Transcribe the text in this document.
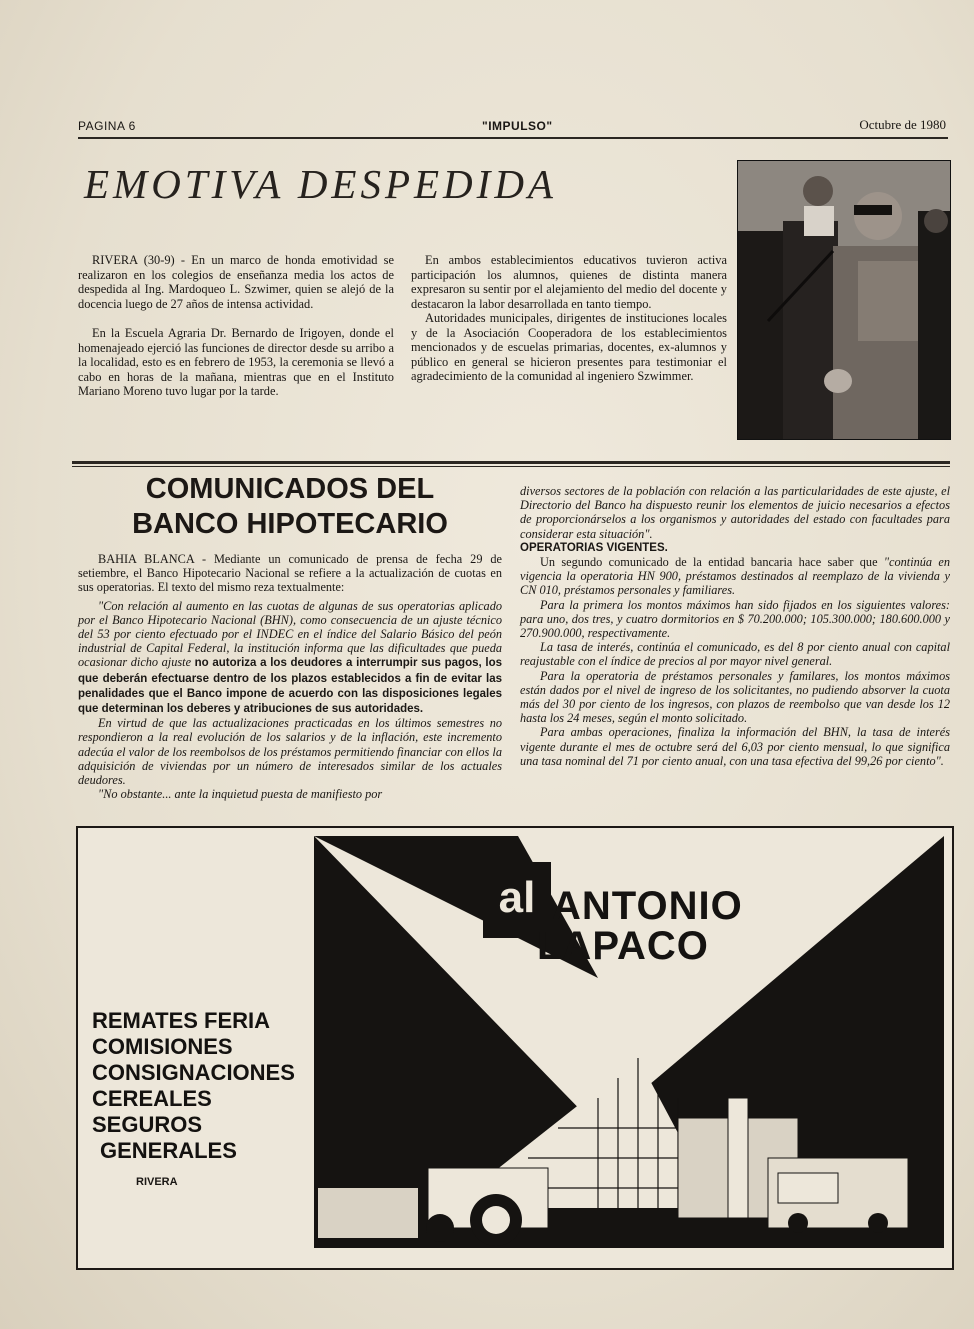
PAGINA 6	"IMPULSO"	Octubre de 1980
EMOTIVA DESPEDIDA

RIVERA (30-9) - En un marco de honda emotividad se realizaron en los colegios de enseñanza media los actos de despedida al Ing. Mardoqueo L. Szwimer, quien se alejó de la docencia luego de 27 años de intensa actividad.

En la Escuela Agraria Dr. Bernardo de Irigoyen, donde el homenajeado ejerció las funciones de director desde su arribo a la localidad, esto es en febrero de 1953, la ceremonia se llevó a cabo en horas de la mañana, mientras que en el Instituto Mariano Moreno tuvo lugar por la tarde.

En ambos establecimientos educativos tuvieron activa participación los alumnos, quienes de distinta manera expresaron su sentir por el alejamiento del medio del docente y destacaron la labor desarrollada en tanto tiempo.

Autoridades municipales, dirigentes de instituciones locales y de la Asociación Cooperadora de los establecimientos mencionados y de escuelas primarias, docentes, ex-alumnos y público en general se hicieron presentes para testimoniar el agradecimiento de la comunidad al ingeniero Szwimmer.

COMUNICADOS DEL
BANCO HIPOTECARIO

BAHIA BLANCA - Mediante un comunicado de prensa de fecha 29 de setiembre, el Banco Hipotecario Nacional se refiere a la actualización de cuotas en sus operatorias. El texto del mismo reza textualmente:

"Con relación al aumento en las cuotas de algunas de sus operatorias aplicado por el Banco Hipotecario Nacional (BHN), como consecuencia de un ajuste técnico del 53 por ciento efectuado por el INDEC en el índice del Salario Básico del peón industrial de Capital Federal, la institución informa que las dificultades que pueda ocasionar dicho ajuste no autoriza a los deudores a interrumpir sus pagos, los que deberán efectuarse dentro de los plazos establecidos a fin de evitar las penalidades que el Banco impone de acuerdo con las disposiciones legales que determinan los deberes y atribuciones de sus autoridades.

En virtud de que las actualizaciones practicadas en los últimos semestres no respondieron a la real evolución de los salarios y de la inflación, este incremento adecúa el valor de los reembolsos de los préstamos permitiendo financiar con ellos la adquisición de viviendas por un número de interesados similar de los actuales deudores.

"No obstante... ante la inquietud puesta de manifiesto por

diversos sectores de la población con relación a las particularidades de este ajuste, el Directorio del Banco ha dispuesto reunir los elementos de juicio necesarios a efectos de proporcionárselos a los organismos y autoridades del estado con facultades para considerar esta situación".

OPERATORIAS VIGENTES.

Un segundo comunicado de la entidad bancaria hace saber que "continúa en vigencia la operatoria HN 900, préstamos destinados al reemplazo de la vivienda y CN 010, préstamos personales y familiares.

Para la primera los montos máximos han sido fijados en los siguientes valores: para uno, dos tres, y cuatro dormitorios en $ 70.200.000; 105.300.000; 180.600.000 y 270.900.000, respectivamente.

La tasa de interés, continúa el comunicado, es del 8 por ciento anual con capital reajustable con el índice de precios al por mayor nivel general.

Para la operatoria de préstamos personales y familares, los montos máximos están dados por el nivel de ingreso de los solicitantes, no pudiendo absorver la cuota más del 30 por ciento de los ingresos, con plazos de reembolso que van desde los 12 hasta los 24 meses, según el monto solicitado.

Para ambas operaciones, finaliza la información del BHN, la tasa de interés vigente durante el mes de octubre será del 6,03 por ciento mensual, lo que significa una tasa nominal del 71 por ciento anual, con una tasa efectiva del 99,26 por ciento".

al ANTONIO
LAPACO
REMATES FERIA
COMISIONES
CONSIGNACIONES
CEREALES
SEGUROS
GENERALES
RIVERA
